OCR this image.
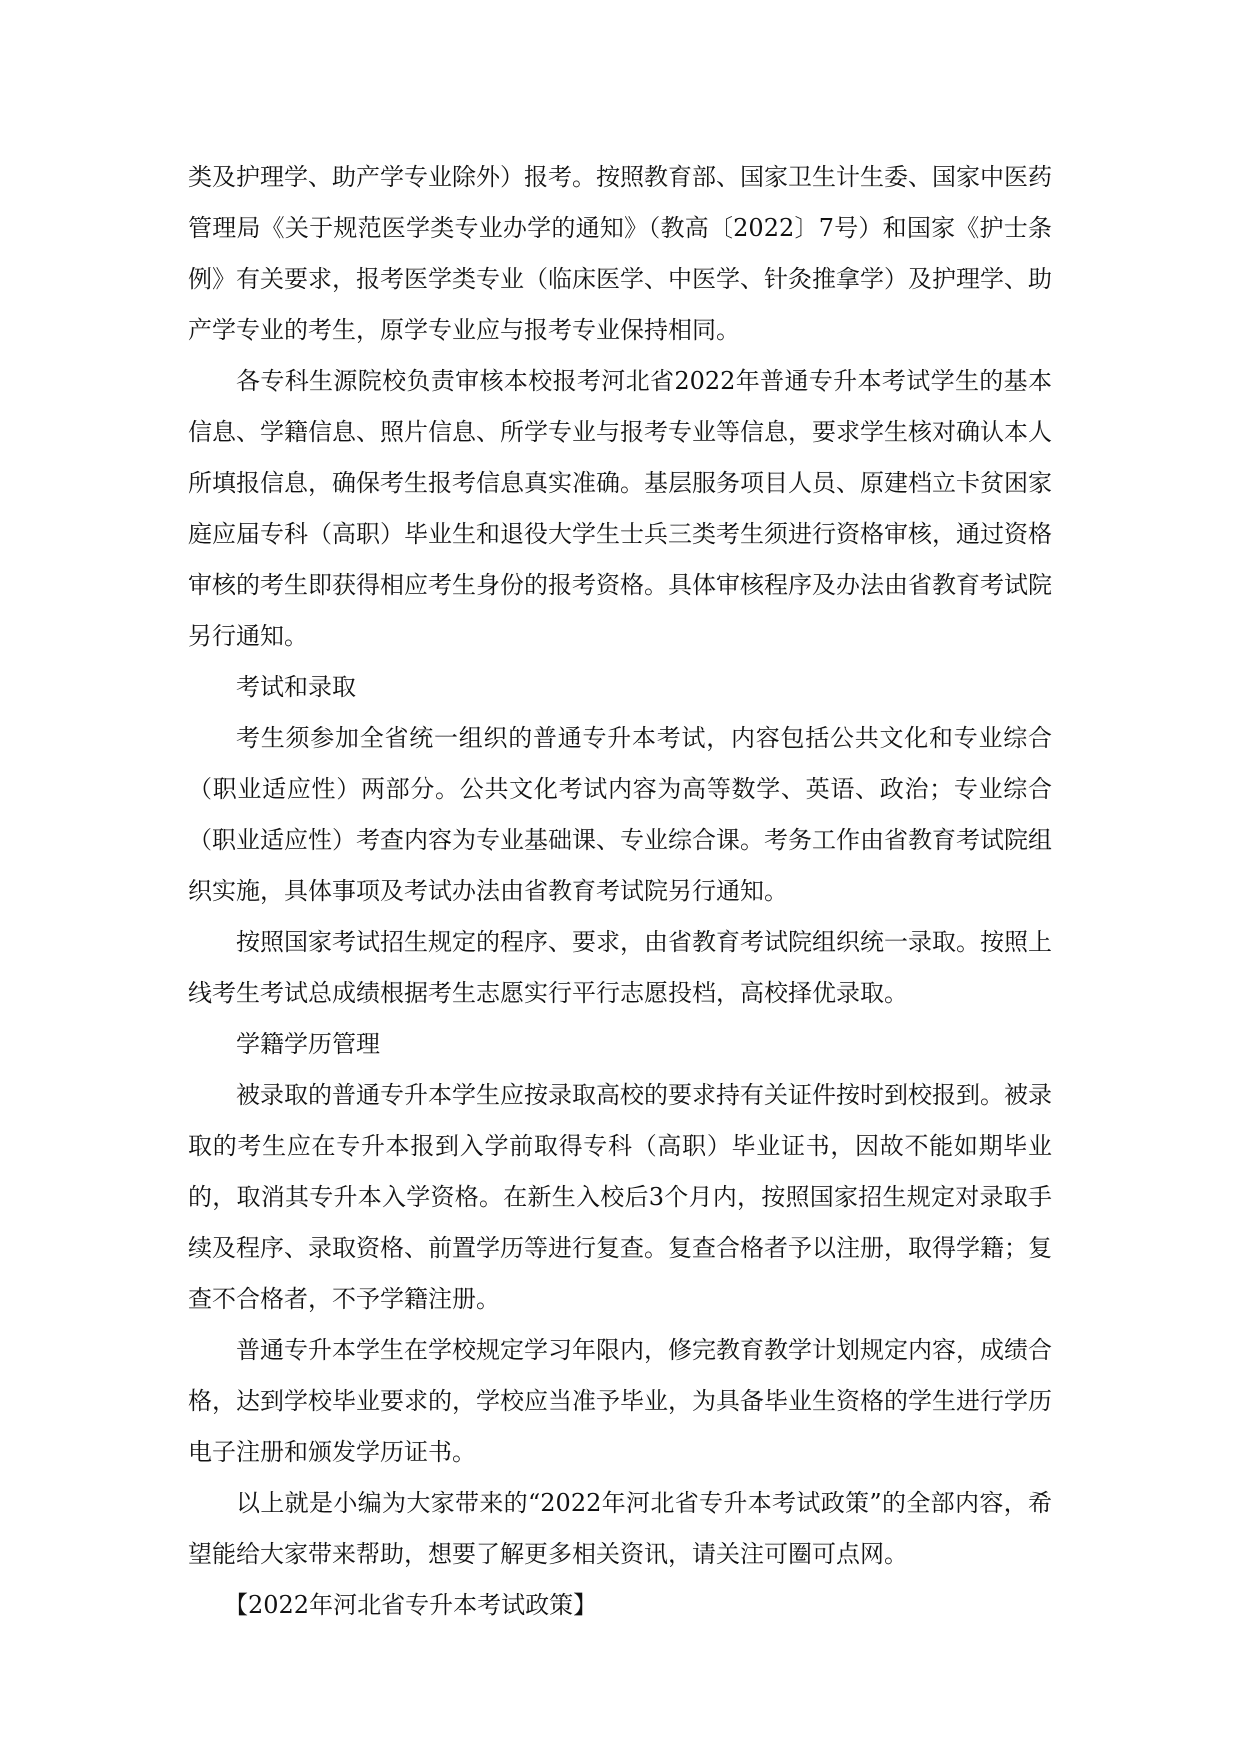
类及护理学、助产学专业除外）报考。按照教育部、国家卫生计生委、国家中医药管理局《关于规范医学类专业办学的通知》（教高〔2022〕7号）和国家《护士条例》有关要求，报考医学类专业（临床医学、中医学、针灸推拿学）及护理学、助产学专业的考生，原学专业应与报考专业保持相同。

各专科生源院校负责审核本校报考河北省2022年普通专升本考试学生的基本信息、学籍信息、照片信息、所学专业与报考专业等信息，要求学生核对确认本人所填报信息，确保考生报考信息真实准确。基层服务项目人员、原建档立卡贫困家庭应届专科（高职）毕业生和退役大学生士兵三类考生须进行资格审核，通过资格审核的考生即获得相应考生身份的报考资格。具体审核程序及办法由省教育考试院另行通知。

考试和录取

考生须参加全省统一组织的普通专升本考试，内容包括公共文化和专业综合（职业适应性）两部分。公共文化考试内容为高等数学、英语、政治；专业综合（职业适应性）考查内容为专业基础课、专业综合课。考务工作由省教育考试院组织实施，具体事项及考试办法由省教育考试院另行通知。

按照国家考试招生规定的程序、要求，由省教育考试院组织统一录取。按照上线考生考试总成绩根据考生志愿实行平行志愿投档，高校择优录取。

学籍学历管理

被录取的普通专升本学生应按录取高校的要求持有关证件按时到校报到。被录取的考生应在专升本报到入学前取得专科（高职）毕业证书，因故不能如期毕业的，取消其专升本入学资格。在新生入校后3个月内，按照国家招生规定对录取手续及程序、录取资格、前置学历等进行复查。复查合格者予以注册，取得学籍；复查不合格者，不予学籍注册。

普通专升本学生在学校规定学习年限内，修完教育教学计划规定内容，成绩合格，达到学校毕业要求的，学校应当准予毕业，为具备毕业生资格的学生进行学历电子注册和颁发学历证书。

以上就是小编为大家带来的“2022年河北省专升本考试政策”的全部内容，希望能给大家带来帮助，想要了解更多相关资讯，请关注可圈可点网。

【2022年河北省专升本考试政策】
